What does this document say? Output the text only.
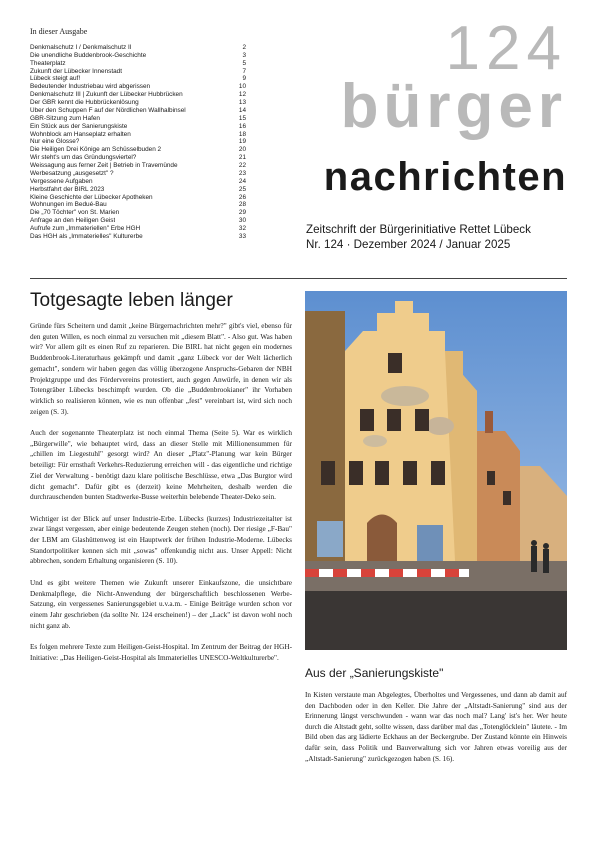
In dieser Ausgabe
Denkmalschutz I / Denkmalschutz II	2
Die unendliche Buddenbrook-Geschichte	3
Theaterplatz	5
Zukunft der Lübecker Innenstadt	7
Lübeck steigt auf!	9
Bedeutender Industriebau wird abgerissen	10
Denkmalschutz III | Zukunft der Lübecker Hubbrücken	12
Der GBR kennt die Hubbrückenlösung	13
Über den Schuppen F auf der Nördlichen Wallhalbinsel	14
GBR-Sitzung zum Hafen	15
Ein Stück aus der Sanierungskiste	16
Wohnblock am Hanseplatz erhalten	18
Nur eine Glosse?	19
Die Heiligen Drei Könige am Schüsselbuden 2	20
Wir steht's um das Gründungsviertel?	21
Weissagung aus ferner Zeit | Betrieb in Travemünde	22
Werbesatzung „ausgesetzt" ?	23
Vergessene Aufgaben	24
Herbstfahrt der BIRL 2023	25
Kleine Geschichte der Lübecker Apotheken	26
Wohnungen im Bedué-Bau	28
Die „70 Töchter" von St. Marien	29
Anfrage an den Heiligen Geist	30
Aufrufe zum „Immateriellen" Erbe HGH	32
Das HGH als „Immaterielles" Kulturerbe	33
124
bürger
nachrichten
Zeitschrift der Bürgerinitiative Rettet Lübeck
Nr. 124 · Dezember 2024 / Januar 2025
Totgesagte leben länger

Gründe fürs Scheitern und damit „keine Bürgernachrichten mehr?" gibt's viel, ebenso für den guten Willen, es noch einmal zu versuchen mit „diesem Blatt". - Also gut. Was haben wir? Vor allem gilt es einen Ruf zu reparieren. Die BIRL hat nicht gegen ein modernes Buddenbrook-Literaturhaus gekämpft und damit „ganz Lübeck vor der Welt lächerlich gemacht", sondern wir haben gegen das völlig überzogene Anspruchs-Gebaren der NBH Projektgruppe und des Fördervereins protestiert, auch gegen Anwürfe, in denen wir als Totengräber Lübecks beschimpft wurden. Ob die „Buddenbrookianer" ihr Vorhaben wirklich so realisieren können, wie es nun offenbar „fest" vereinbart ist, wird sich noch zeigen (S. 3).

Auch der sogenannte Theaterplatz ist noch einmal Thema (Seite 5). War es wirklich „Bürgerwille", wie behauptet wird, dass an dieser Stelle mit Millionensummen für „chillen im Liegestuhl" gesorgt wird? An dieser „Platz"-Planung war kein Bürger beteiligt: Für ernsthaft Verkehrs-Reduzierung erreichen will - das eigentliche und richtige Ziel der Verwaltung - benötigt dazu klare politische Beschlüsse, etwa „Das Burgtor wird dicht gemacht". Dafür gibt es (derzeit) keine Mehrheiten, deshalb werden die durchrauschenden bunten Stadtwerke-Busse weiterhin belebende Theater-Deko sein.

Wichtiger ist der Blick auf unser Industrie-Erbe. Lübecks (kurzes) Industriezeitalter ist zwar längst vergessen, aber einige bedeutende Zeugen stehen (noch). Der riesige „F-Bau" der LBM am Glashüttenweg ist ein Hauptwerk der frühen Industrie-Moderne. Lübecks Standortpolitiker kennen sich mit „sowas" offenkundig nicht aus. Unser Appell: Nicht abbrechen, sondern Erhaltung organisieren (S. 10).

Und es gibt weitere Themen wie Zukunft unserer Einkaufszone, die unsichtbare Denkmalpflege, die Nicht-Anwendung der bürgerschaftlich beschlossenen Werbe-Satzung, ein vergessenes Sanierungsgebiet u.v.a.m. - Einige Beiträge wurden schon vor einem Jahr geschrieben (da sollte Nr. 124 erscheinen!) – der „Lack" ist davon wohl noch nicht ganz ab.

Es folgen mehrere Texte zum Heiligen-Geist-Hospital. Im Zentrum der Beitrag der HGH-Initiative: „Das Heiligen-Geist-Hospital als Immaterielles UNESCO-Weltkulturerbe".

Aus der „Sanierungskiste"

In Kisten verstaute man Abgelegtes, Überholtes und Vergessenes, und dann ab damit auf den Dachboden oder in den Keller. Die Jahre der „Altstadt-Sanierung" sind aus der Erinnerung längst verschwunden - wann war das noch mal? Lang' ist's her. Wer heute durch die Altstadt geht, sollte wissen, dass darüber mal das „Totenglöcklein" läutete. - Im Bild oben das arg lädierte Eckhaus an der Beckergrube. Der Zustand könnte ein Hinweis dafür sein, dass Politik und Bauverwaltung sich vor Jahren etwas voreilig aus der „Altstadt-Sanierung" zurückgezogen haben (S. 16).
